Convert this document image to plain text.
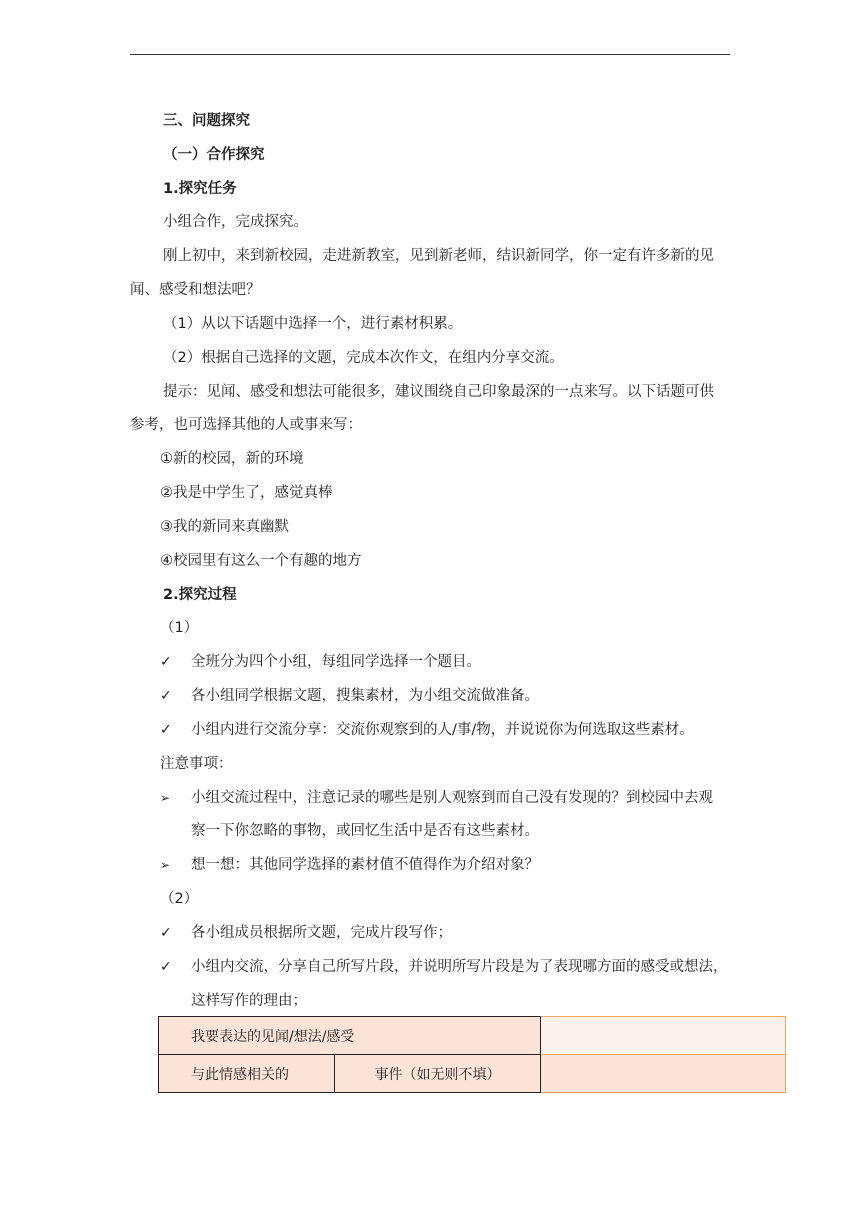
三、问题探究
（一）合作探究
1.探究任务
小组合作，完成探究。
刚上初中，来到新校园，走进新教室，见到新老师，结识新同学，你一定有许多新的见
闻、感受和想法吧？
（1）从以下话题中选择一个，进行素材积累。
（2）根据自己选择的文题，完成本次作文，在组内分享交流。
提示：见闻、感受和想法可能很多，建议围绕自己印象最深的一点来写。以下话题可供
参考，也可选择其他的人或事来写：
①新的校园，新的环境
②我是中学生了，感觉真棒
③我的新同来真幽默
④校园里有这么一个有趣的地方
2.探究过程
（1）
✓ 全班分为四个小组，每组同学选择一个题目。
✓ 各小组同学根据文题，搜集素材，为小组交流做准备。
✓ 小组内进行交流分享：交流你观察到的人/事/物，并说说你为何选取这些素材。
注意事项：
➢ 小组交流过程中，注意记录的哪些是别人观察到而自己没有发现的？到校园中去观
察一下你忽略的事物，或回忆生活中是否有这些素材。
➢ 想一想：其他同学选择的素材值不值得作为介绍对象？
（2）
✓ 各小组成员根据所文题，完成片段写作；
✓ 小组内交流，分享自己所写片段，并说明所写片段是为了表现哪方面的感受或想法，
这样写作的理由；
我要表达的见闻/想法/感受		
与此情感相关的	事件（如无则不填）	
